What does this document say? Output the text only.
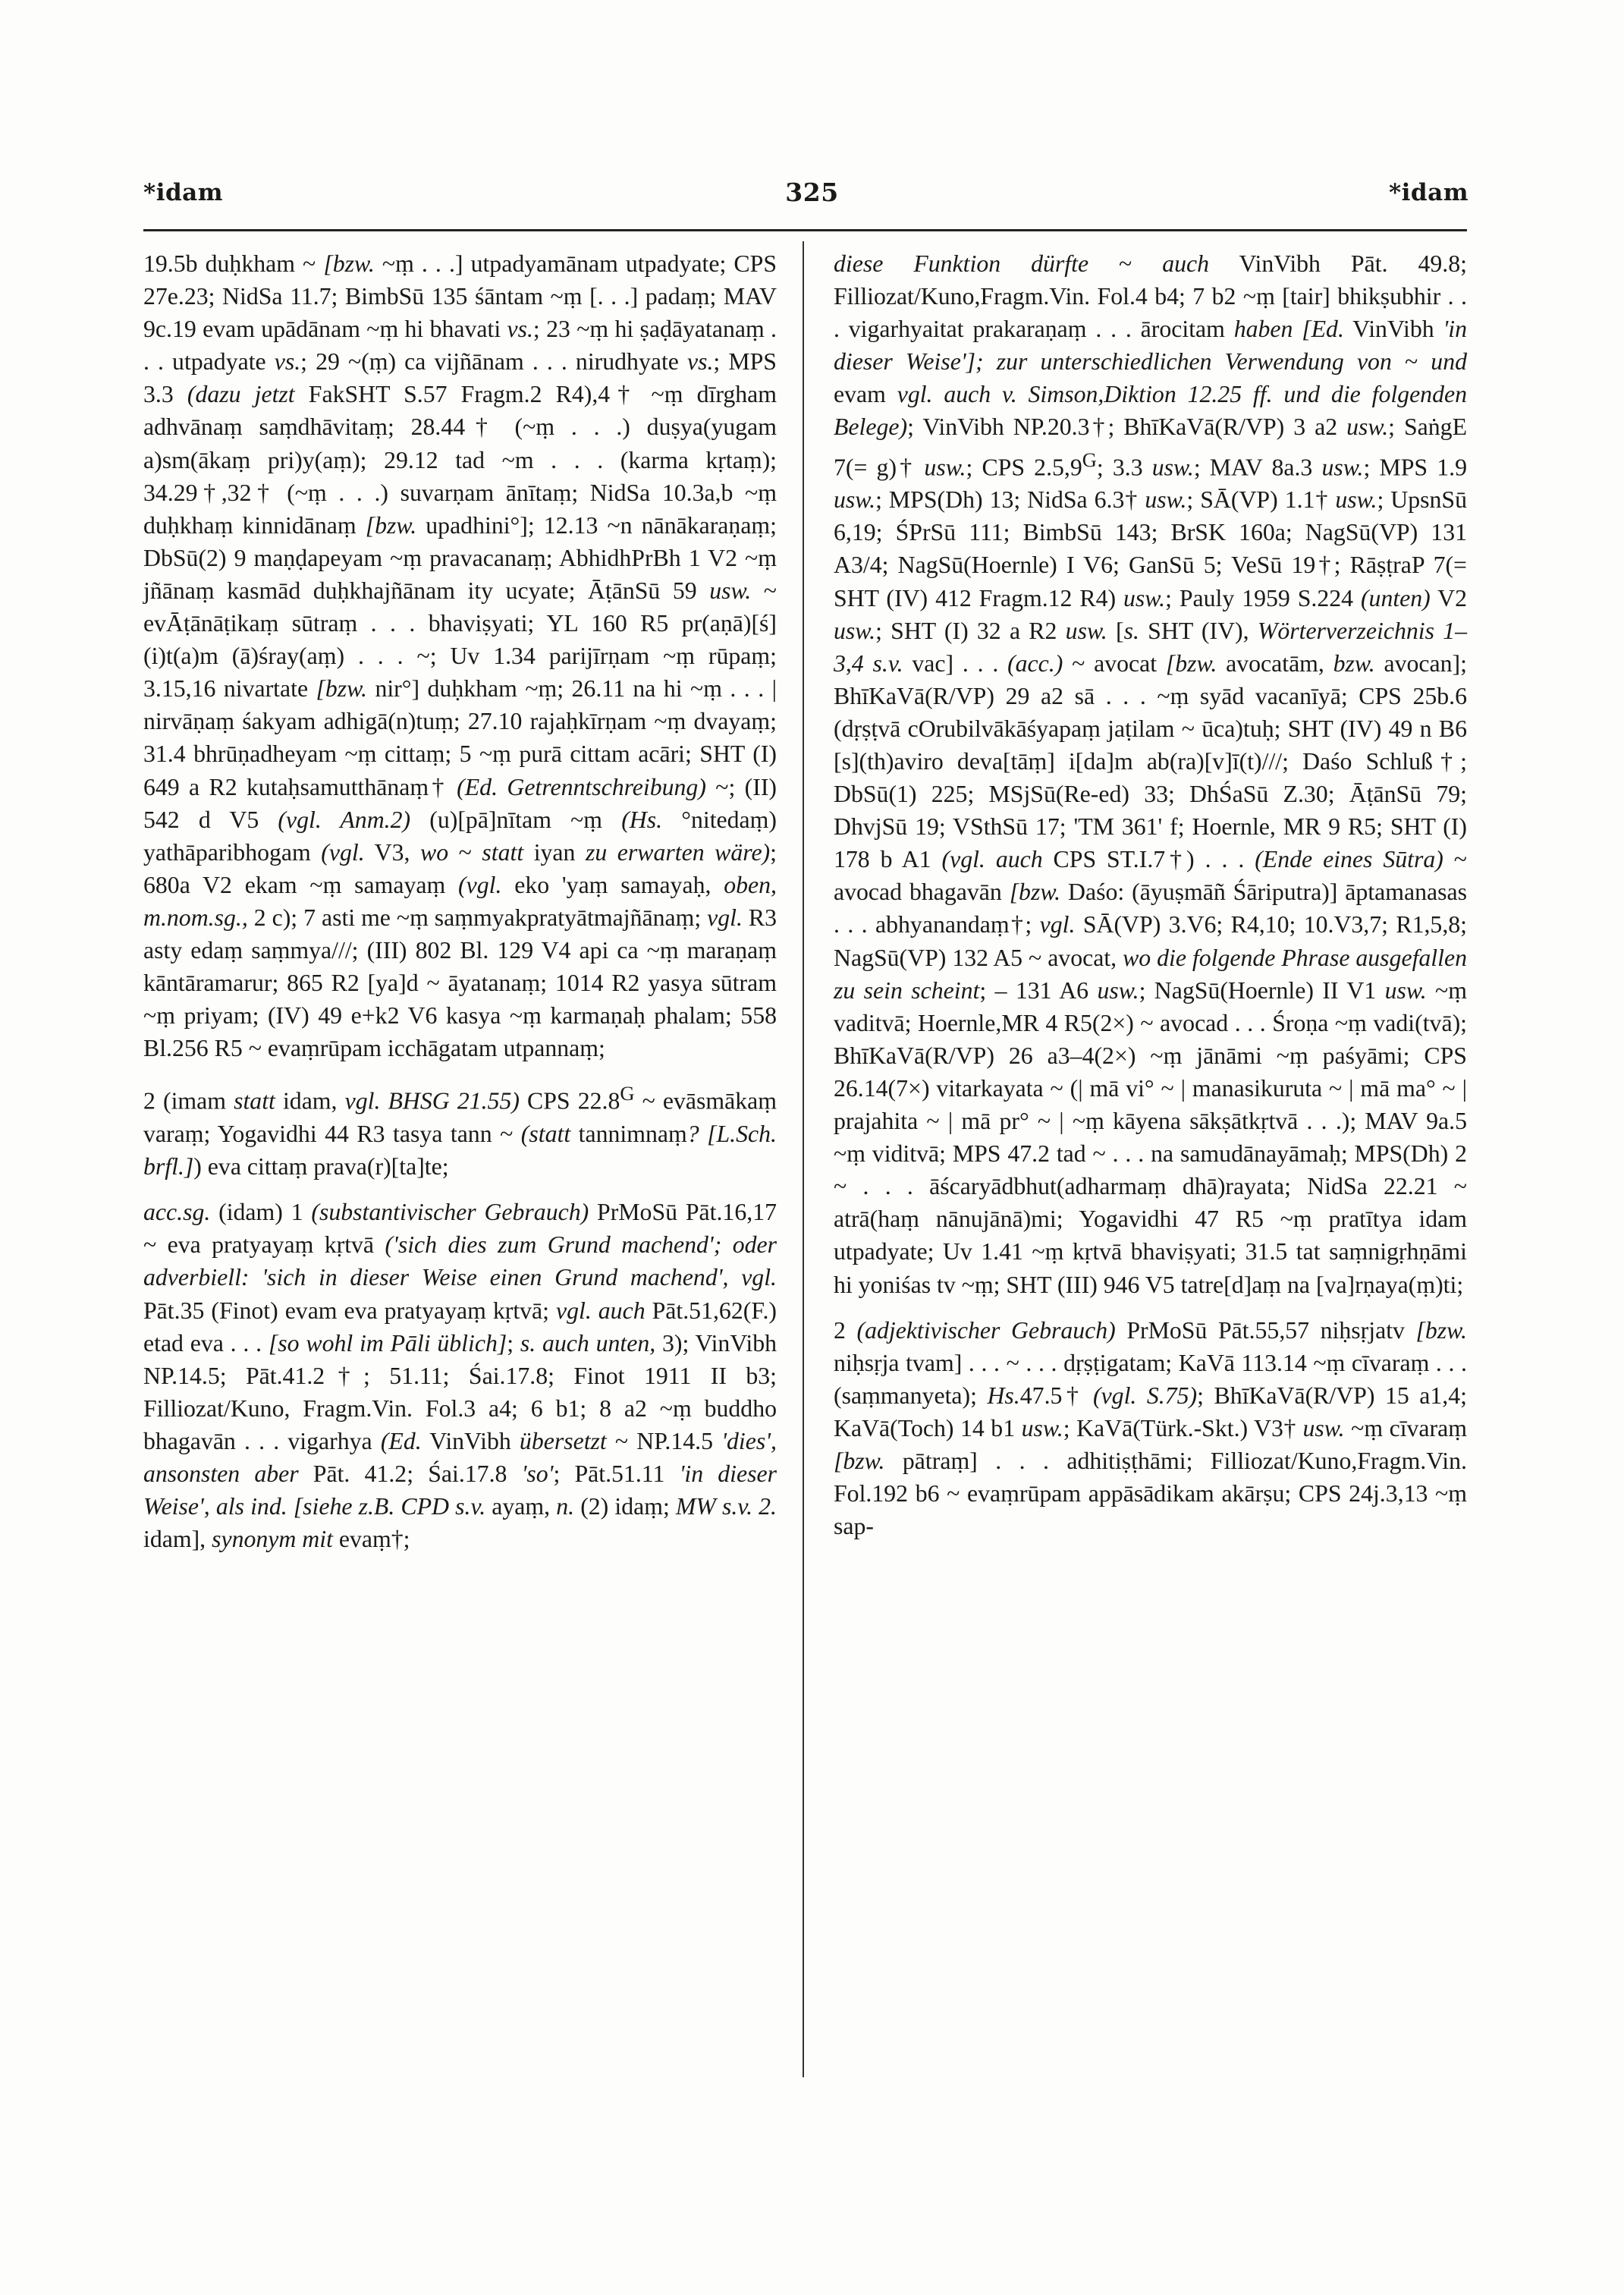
*idam	325	*idam

19.5b duḥkham ~ [bzw. ~ṃ . . .] utpadyamānam utpadyate; CPS 27e.23; NidSa 11.7; BimbSū 135 śāntam ~ṃ [. . .] padaṃ; MAV 9c.19 evam upādānam ~ṃ hi bhavati vs.; 23 ~ṃ hi ṣaḍāyatanaṃ . . . utpadyate vs.; 29 ~(ṃ) ca vijñānam . . . nirudhyate vs.; MPS 3.3 (dazu jetzt FakSHT S.57 Fragm.2 R4),4† ~ṃ dīrgham adhvānaṃ saṃdhāvitaṃ; 28.44† (~ṃ . . .) duṣya(yugam a)sm(ākaṃ pri)y(aṃ); 29.12 tad ~m . . . (karma kṛtaṃ); 34.29†,32† (~ṃ . . .) suvarṇam ānītaṃ; NidSa 10.3a,b ~ṃ duḥkhaṃ kinnidānaṃ [bzw. upadhini°]; 12.13 ~n nānākaraṇaṃ; DbSū(2) 9 maṇḍapeyam ~ṃ pravacanaṃ; AbhidhPrBh 1 V2 ~ṃ jñānaṃ kasmād duḥkhajñānam ity ucyate; ĀṭānSū 59 usw. ~ evĀṭānāṭikaṃ sūtraṃ . . . bhaviṣyati; YL 160 R5 pr(aṇā)[ś](i)t(a)m (ā)śray(aṃ) . . . ~; Uv 1.34 parijīrṇam ~ṃ rūpaṃ; 3.15,16 nivartate [bzw. nir°] duḥkham ~ṃ; 26.11 na hi ~ṃ . . . | nirvāṇaṃ śakyam adhigā(n)tuṃ; 27.10 rajaḥkīrṇam ~ṃ dvayaṃ; 31.4 bhrūṇadheyam ~ṃ cittaṃ; 5 ~ṃ purā cittam acāri; SHT (I) 649 a R2 kutaḥsamutthānaṃ† (Ed. Getrenntschreibung) ~; (II) 542 d V5 (vgl. Anm.2) (u)[pā]nītam ~ṃ (Hs. °nitedaṃ) yathāparibhogam (vgl. V3, wo ~ statt iyan zu erwarten wäre); 680a V2 ekam ~ṃ samayaṃ (vgl. eko 'yaṃ samayaḥ, oben, m.nom.sg., 2 c); 7 asti me ~ṃ saṃmyakpratyātmajñānaṃ; vgl. R3 asty edaṃ saṃmya///; (III) 802 Bl. 129 V4 api ca ~ṃ maraṇaṃ kāntāramarur; 865 R2 [ya]d ~ āyatanaṃ; 1014 R2 yasya sūtram ~ṃ priyam; (IV) 49 e+k2 V6 kasya ~ṃ karmaṇaḥ phalam; 558 Bl.256 R5 ~ evaṃrūpam icchāgatam utpannaṃ;

2 (imam statt idam, vgl. BHSG 21.55) CPS $22.8^G$ ~ evāsmākaṃ varaṃ; Yogavidhi 44 R3 tasya tann ~ (statt tannimnaṃ? [L.Sch. brfl.]) eva cittaṃ prava(r)[ta]te;

acc.sg. (idam) 1 (substantivischer Gebrauch) PrMoSū Pāt.16,17 ~ eva pratyayaṃ kṛtvā ('sich dies zum Grund machend'; oder adverbiell: 'sich in dieser Weise einen Grund machend', vgl. Pāt.35 (Finot) evam eva pratyayaṃ kṛtvā; vgl. auch Pāt.51,62(F.) etad eva . . . [so wohl im Pāli üblich]; s. auch unten, 3); VinVibh NP.14.5; Pāt.41.2†; 51.11; Śai.17.8; Finot 1911 II b3; Filliozat/Kuno, Fragm.Vin. Fol.3 a4; 6 b1; 8 a2 ~ṃ buddho bhagavān . . . vigarhya (Ed. VinVibh übersetzt ~ NP.14.5 'dies', ansonsten aber Pāt. 41.2; Śai.17.8 'so'; Pāt.51.11 'in dieser Weise', als ind. [siehe z.B. CPD s.v. ayaṃ, n. (2) idaṃ; MW s.v. 2. idam], synonym mit evaṃ†;

diese Funktion dürfte ~ auch VinVibh Pāt. 49.8; Filliozat/Kuno,Fragm.Vin. Fol.4 b4; 7 b2 ~ṃ [tair] bhikṣubhir . . . vigarhyaitat prakaraṇaṃ . . . ārocitam haben [Ed. VinVibh 'in dieser Weise']; zur unterschiedlichen Verwendung von ~ und evam vgl. auch v. Simson,Diktion 12.25 ff. und die folgenden Belege); VinVibh NP.20.3†; BhīKaVā(R/VP) 3 a2 usw.; SaṅgE 7(= g)† usw.; CPS $2.5,9^G$; 3.3 usw.; MAV 8a.3 usw.; MPS 1.9 usw.; MPS(Dh) 13; NidSa 6.3† usw.; SĀ(VP) 1.1† usw.; UpsnSū 6,19; ŚPrSū 111; BimbSū 143; BrSK 160a; NagSū(VP) 131 A3/4; NagSū(Hoernle) I V6; GanSū 5; VeSū 19†; RāṣṭraP 7(= SHT (IV) 412 Fragm.12 R4) usw.; Pauly 1959 S.224 (unten) V2 usw.; SHT (I) 32 a R2 usw. [s. SHT (IV), Wörterverzeichnis 1–3,4 s.v. vac] . . . (acc.) ~ avocat [bzw. avocatām, bzw. avocan]; BhīKaVā(R/VP) 29 a2 sā . . . ~ṃ syād vacanīyā; CPS 25b.6 (dṛṣṭvā cOrubilvākāśyapaṃ jaṭilam ~ ūca)tuḥ; SHT (IV) 49 n B6 [s](th)aviro deva[tāṃ] i[da]m ab(ra)[v]ī(t)///; Daśo Schluß†; DbSū(1) 225; MSjSū(Re-ed) 33; DhŚaSū Z.30; ĀṭānSū 79; DhvjSū 19; VSthSū 17; 'TM 361' f; Hoernle, MR 9 R5; SHT (I) 178 b A1 (vgl. auch CPS ST.I.7†) . . . (Ende eines Sūtra) ~ avocad bhagavān [bzw. Daśo: (āyuṣmāñ Śāriputra)] āptamanasas . . . abhyanandaṃ†; vgl. SĀ(VP) 3.V6; R4,10; 10.V3,7; R1,5,8; NagSū(VP) 132 A5 ~ avocat, wo die folgende Phrase ausgefallen zu sein scheint; – 131 A6 usw.; NagSū(Hoernle) II V1 usw. ~ṃ vaditvā; Hoernle,MR 4 R5(2×) ~ avocad . . . Śroṇa ~ṃ vadi(tvā); BhīKaVā(R/VP) 26 a3–4(2×) ~ṃ jānāmi ~ṃ paśyāmi; CPS 26.14(7×) vitarkayata ~ (| mā vi° ~ | manasikuruta ~ | mā ma° ~ | prajahita ~ | mā pr° ~ | ~ṃ kāyena sākṣātkṛtvā . . .); MAV 9a.5 ~ṃ viditvā; MPS 47.2 tad ~ . . . na samudānayāmaḥ; MPS(Dh) 2 ~ . . . āścaryādbhut(adharmaṃ dhā)rayata; NidSa 22.21 ~ atrā(haṃ nānujānā)mi; Yogavidhi 47 R5 ~ṃ pratītya idam utpadyate; Uv 1.41 ~ṃ kṛtvā bhaviṣyati; 31.5 tat saṃnigṛhṇāmi hi yoniśas tv ~ṃ; SHT (III) 946 V5 tatre[d]aṃ na [va]rṇaya(ṃ)ti;

2 (adjektivischer Gebrauch) PrMoSū Pāt.55,57 niḥsṛjatv [bzw. niḥsṛja tvam] . . . ~ . . . dṛṣṭigatam; KaVā 113.14 ~ṃ cīvaraṃ . . . (saṃmanyeta); Hs.47.5† (vgl. S.75); BhīKaVā(R/VP) 15 a1,4; KaVā(Toch) 14 b1 usw.; KaVā(Türk.-Skt.) V3† usw. ~ṃ cīvaraṃ [bzw. pātraṃ] . . . adhitiṣṭhāmi; Filliozat/Kuno,Fragm.Vin. Fol.192 b6 ~ evaṃrūpam appāsādikam akārṣu; CPS 24j.3,13 ~ṃ sap-
